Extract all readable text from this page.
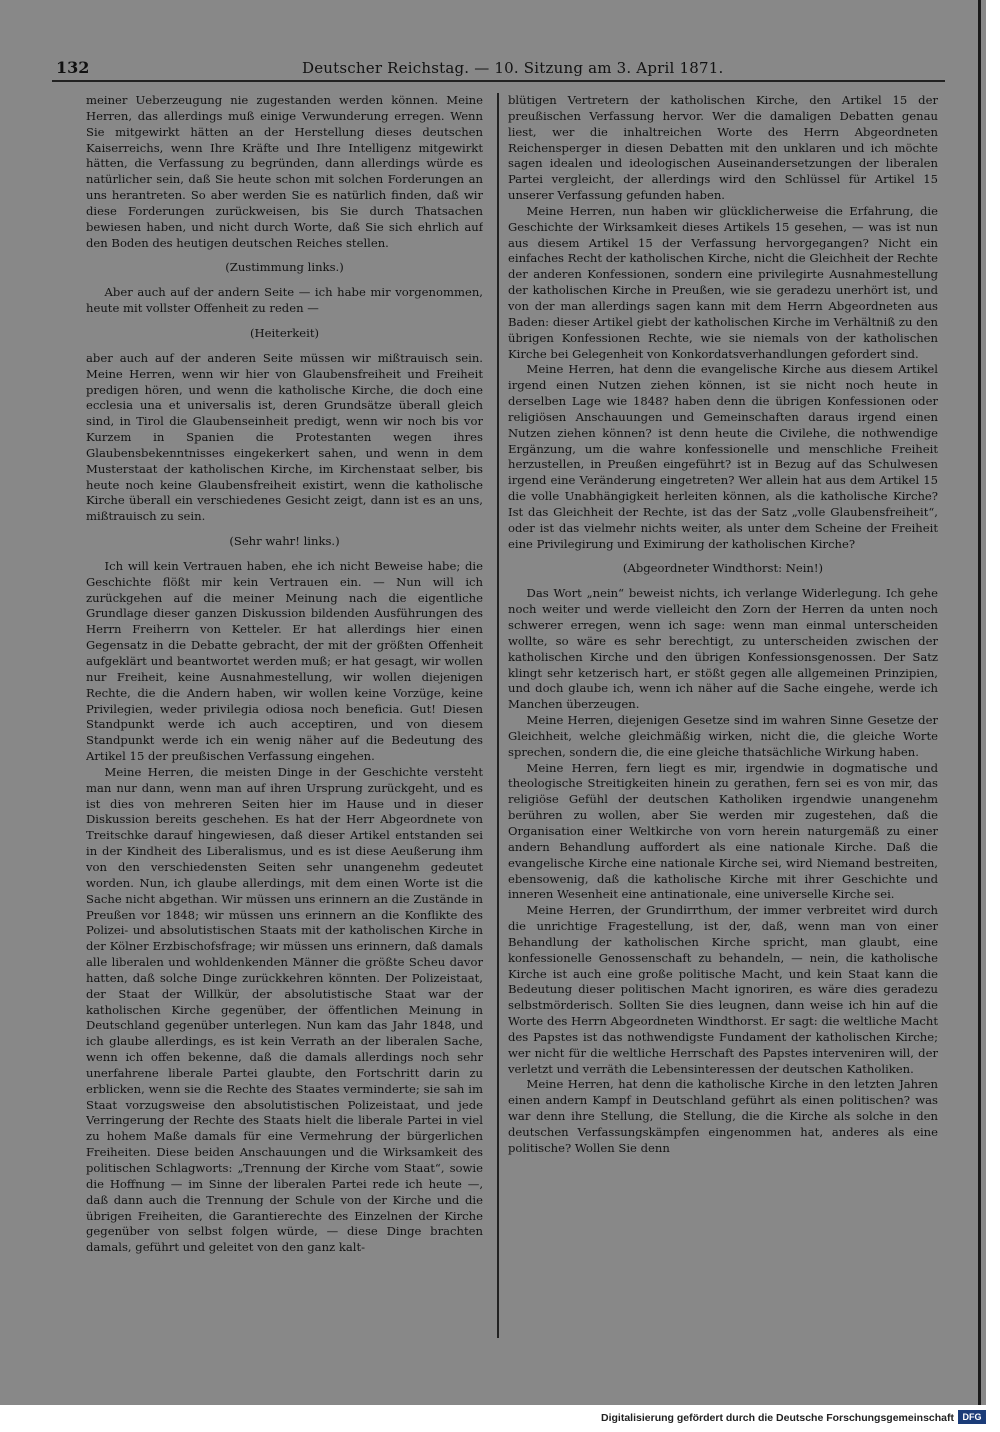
132	Deutscher Reichstag. — 10. Sitzung am 3. April 1871.

meiner Ueberzeugung nie zugestanden werden können. Meine Herren, das allerdings muß einige Verwunderung erregen. Wenn Sie mitgewirkt hätten an der Herstellung dieses deutschen Kaiserreichs, wenn Ihre Kräfte und Ihre Intelligenz mitgewirkt hätten, die Verfassung zu begründen, dann allerdings würde es natürlicher sein, daß Sie heute schon mit solchen Forderungen an uns herantreten. So aber werden Sie es natürlich finden, daß wir diese Forderungen zurückweisen, bis Sie durch Thatsachen bewiesen haben, und nicht durch Worte, daß Sie sich ehrlich auf den Boden des heutigen deutschen Reiches stellen.

(Zustimmung links.)

Aber auch auf der andern Seite — ich habe mir vorgenommen, heute mit vollster Offenheit zu reden —

(Heiterkeit)

aber auch auf der anderen Seite müssen wir mißtrauisch sein. Meine Herren, wenn wir hier von Glaubensfreiheit und Freiheit predigen hören, und wenn die katholische Kirche, die doch eine ecclesia una et universalis ist, deren Grundsätze überall gleich sind, in Tirol die Glaubenseinheit predigt, wenn wir noch bis vor Kurzem in Spanien die Protestanten wegen ihres Glaubensbekenntnisses eingekerkert sahen, und wenn in dem Musterstaat der katholischen Kirche, im Kirchenstaat selber, bis heute noch keine Glaubensfreiheit existirt, wenn die katholische Kirche überall ein verschiedenes Gesicht zeigt, dann ist es an uns, mißtrauisch zu sein.

(Sehr wahr! links.)

Ich will kein Vertrauen haben, ehe ich nicht Beweise habe; die Geschichte flößt mir kein Vertrauen ein. — Nun will ich zurückgehen auf die meiner Meinung nach die eigentliche Grundlage dieser ganzen Diskussion bildenden Ausführungen des Herrn Freiherrn von Ketteler. Er hat allerdings hier einen Gegensatz in die Debatte gebracht, der mit der größten Offenheit aufgeklärt und beantwortet werden muß; er hat gesagt, wir wollen nur Freiheit, keine Ausnahmestellung, wir wollen diejenigen Rechte, die die Andern haben, wir wollen keine Vorzüge, keine Privilegien, weder privilegia odiosa noch beneficia. Gut! Diesen Standpunkt werde ich auch acceptiren, und von diesem Standpunkt werde ich ein wenig näher auf die Bedeutung des Artikel 15 der preußischen Verfassung eingehen.

Meine Herren, die meisten Dinge in der Geschichte versteht man nur dann, wenn man auf ihren Ursprung zurückgeht, und es ist dies von mehreren Seiten hier im Hause und in dieser Diskussion bereits geschehen. Es hat der Herr Abgeordnete von Treitschke darauf hingewiesen, daß dieser Artikel entstanden sei in der Kindheit des Liberalismus, und es ist diese Aeußerung ihm von den verschiedensten Seiten sehr unangenehm gedeutet worden. Nun, ich glaube allerdings, mit dem einen Worte ist die Sache nicht abgethan. Wir müssen uns erinnern an die Zustände in Preußen vor 1848; wir müssen uns erinnern an die Konflikte des Polizei- und absolutistischen Staats mit der katholischen Kirche in der Kölner Erzbischofsfrage; wir müssen uns erinnern, daß damals alle liberalen und wohldenkenden Männer die größte Scheu davor hatten, daß solche Dinge zurückkehren könnten. Der Polizeistaat, der Staat der Willkür, der absolutistische Staat war der katholischen Kirche gegenüber, der öffentlichen Meinung in Deutschland gegenüber unterlegen. Nun kam das Jahr 1848, und ich glaube allerdings, es ist kein Verrath an der liberalen Sache, wenn ich offen bekenne, daß die damals allerdings noch sehr unerfahrene liberale Partei glaubte, den Fortschritt darin zu erblicken, wenn sie die Rechte des Staates verminderte; sie sah im Staat vorzugsweise den absolutistischen Polizeistaat, und jede Verringerung der Rechte des Staats hielt die liberale Partei in viel zu hohem Maße damals für eine Vermehrung der bürgerlichen Freiheiten. Diese beiden Anschauungen und die Wirksamkeit des politischen Schlagworts: „Trennung der Kirche vom Staat“, sowie die Hoffnung — im Sinne der liberalen Partei rede ich heute —, daß dann auch die Trennung der Schule von der Kirche und die übrigen Freiheiten, die Garantierechte des Einzelnen der Kirche gegenüber von selbst folgen würde, — diese Dinge brachten damals, geführt und geleitet von den ganz kalt-

blütigen Vertretern der katholischen Kirche, den Artikel 15 der preußischen Verfassung hervor. Wer die damaligen Debatten genau liest, wer die inhaltreichen Worte des Herrn Abgeordneten Reichensperger in diesen Debatten mit den unklaren und ich möchte sagen idealen und ideologischen Auseinandersetzungen der liberalen Partei vergleicht, der allerdings wird den Schlüssel für Artikel 15 unserer Verfassung gefunden haben.

Meine Herren, nun haben wir glücklicherweise die Erfahrung, die Geschichte der Wirksamkeit dieses Artikels 15 gesehen, — was ist nun aus diesem Artikel 15 der Verfassung hervorgegangen? Nicht ein einfaches Recht der katholischen Kirche, nicht die Gleichheit der Rechte der anderen Konfessionen, sondern eine privilegirte Ausnahmestellung der katholischen Kirche in Preußen, wie sie geradezu unerhört ist, und von der man allerdings sagen kann mit dem Herrn Abgeordneten aus Baden: dieser Artikel giebt der katholischen Kirche im Verhältniß zu den übrigen Konfessionen Rechte, wie sie niemals von der katholischen Kirche bei Gelegenheit von Konkordatsverhandlungen gefordert sind.

Meine Herren, hat denn die evangelische Kirche aus diesem Artikel irgend einen Nutzen ziehen können, ist sie nicht noch heute in derselben Lage wie 1848? haben denn die übrigen Konfessionen oder religiösen Anschauungen und Gemeinschaften daraus irgend einen Nutzen ziehen können? ist denn heute die Civilehe, die nothwendige Ergänzung, um die wahre konfessionelle und menschliche Freiheit herzustellen, in Preußen eingeführt? ist in Bezug auf das Schulwesen irgend eine Veränderung eingetreten? Wer allein hat aus dem Artikel 15 die volle Unabhängigkeit herleiten können, als die katholische Kirche? Ist das Gleichheit der Rechte, ist das der Satz „volle Glaubensfreiheit“, oder ist das vielmehr nichts weiter, als unter dem Scheine der Freiheit eine Privilegirung und Eximirung der katholischen Kirche?

(Abgeordneter Windthorst: Nein!)

Das Wort „nein“ beweist nichts, ich verlange Widerlegung. Ich gehe noch weiter und werde vielleicht den Zorn der Herren da unten noch schwerer erregen, wenn ich sage: wenn man einmal unterscheiden wollte, so wäre es sehr berechtigt, zu unterscheiden zwischen der katholischen Kirche und den übrigen Konfessionsgenossen. Der Satz klingt sehr ketzerisch hart, er stößt gegen alle allgemeinen Prinzipien, und doch glaube ich, wenn ich näher auf die Sache eingehe, werde ich Manchen überzeugen.

Meine Herren, diejenigen Gesetze sind im wahren Sinne Gesetze der Gleichheit, welche gleichmäßig wirken, nicht die, die gleiche Worte sprechen, sondern die, die eine gleiche thatsächliche Wirkung haben.

Meine Herren, fern liegt es mir, irgendwie in dogmatische und theologische Streitigkeiten hinein zu gerathen, fern sei es von mir, das religiöse Gefühl der deutschen Katholiken irgendwie unangenehm berühren zu wollen, aber Sie werden mir zugestehen, daß die Organisation einer Weltkirche von vorn herein naturgemäß zu einer andern Behandlung auffordert als eine nationale Kirche. Daß die evangelische Kirche eine nationale Kirche sei, wird Niemand bestreiten, ebensowenig, daß die katholische Kirche mit ihrer Geschichte und inneren Wesenheit eine antinationale, eine universelle Kirche sei.

Meine Herren, der Grundirrthum, der immer verbreitet wird durch die unrichtige Fragestellung, ist der, daß, wenn man von einer Behandlung der katholischen Kirche spricht, man glaubt, eine konfessionelle Genossenschaft zu behandeln, — nein, die katholische Kirche ist auch eine große politische Macht, und kein Staat kann die Bedeutung dieser politischen Macht ignoriren, es wäre dies geradezu selbstmörderisch. Sollten Sie dies leugnen, dann weise ich hin auf die Worte des Herrn Abgeordneten Windthorst. Er sagt: die weltliche Macht des Papstes ist das nothwendigste Fundament der katholischen Kirche; wer nicht für die weltliche Herrschaft des Papstes interveniren will, der verletzt und verräth die Lebensinteressen der deutschen Katholiken.

Meine Herren, hat denn die katholische Kirche in den letzten Jahren einen andern Kampf in Deutschland geführt als einen politischen? was war denn ihre Stellung, die Stellung, die die Kirche als solche in den deutschen Verfassungskämpfen eingenommen hat, anderes als eine politische? Wollen Sie denn

Digitalisierung gefördert durch die Deutsche Forschungsgemeinschaft DFG
